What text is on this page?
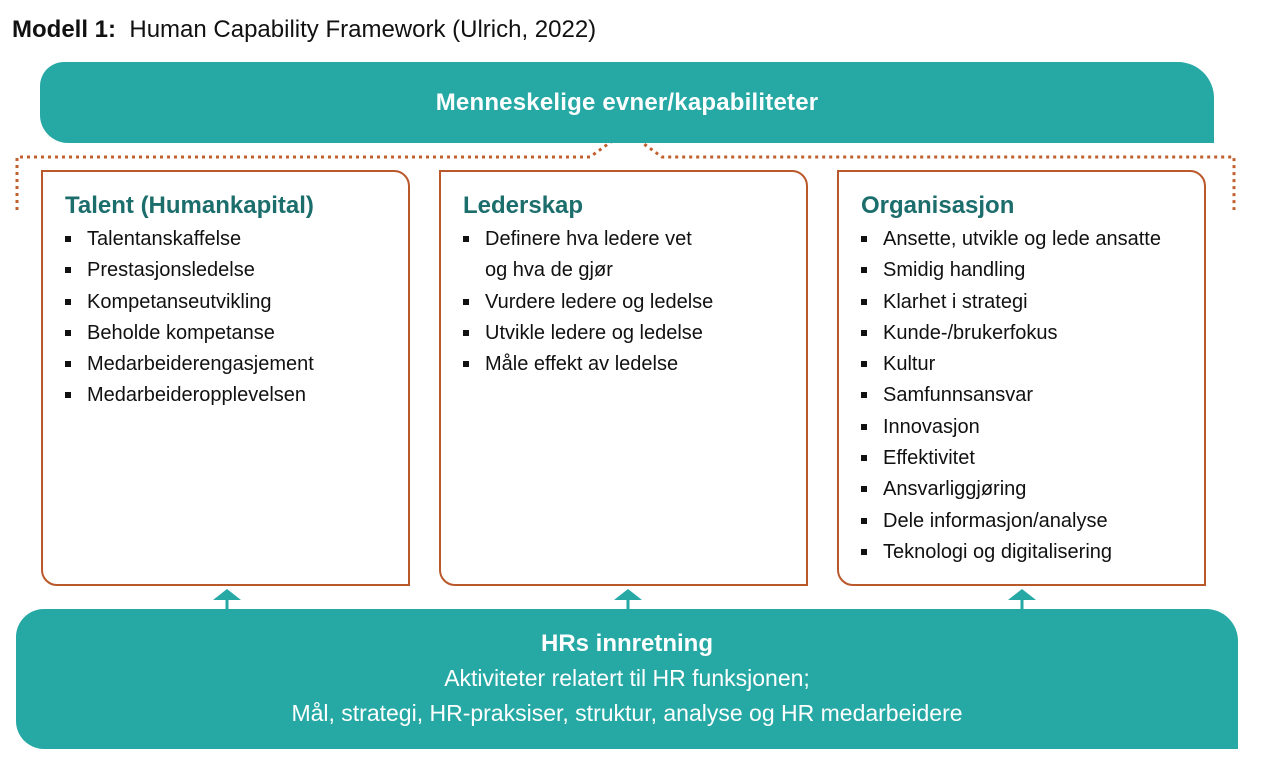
Modell 1: Human Capability Framework (Ulrich, 2022)
Menneskelige evner/kapabiliteter
Talent (Humankapital)
Talentanskaffelse
Prestasjonsledelse
Kompetanseutvikling
Beholde kompetanse
Medarbeiderengasjement
Medarbeideropplevelsen
Lederskap
Definere hva ledere vet og hva de gjør
Vurdere ledere og ledelse
Utvikle ledere og ledelse
Måle effekt av ledelse
Organisasjon
Ansette, utvikle og lede ansatte
Smidig handling
Klarhet i strategi
Kunde-/brukerfokus
Kultur
Samfunnsansvar
Innovasjon
Effektivitet
Ansvarliggjøring
Dele informasjon/analyse
Teknologi og digitalisering
HRs innretning
Aktiviteter relatert til HR funksjonen;
Mål, strategi, HR-praksiser, struktur, analyse og HR medarbeidere
